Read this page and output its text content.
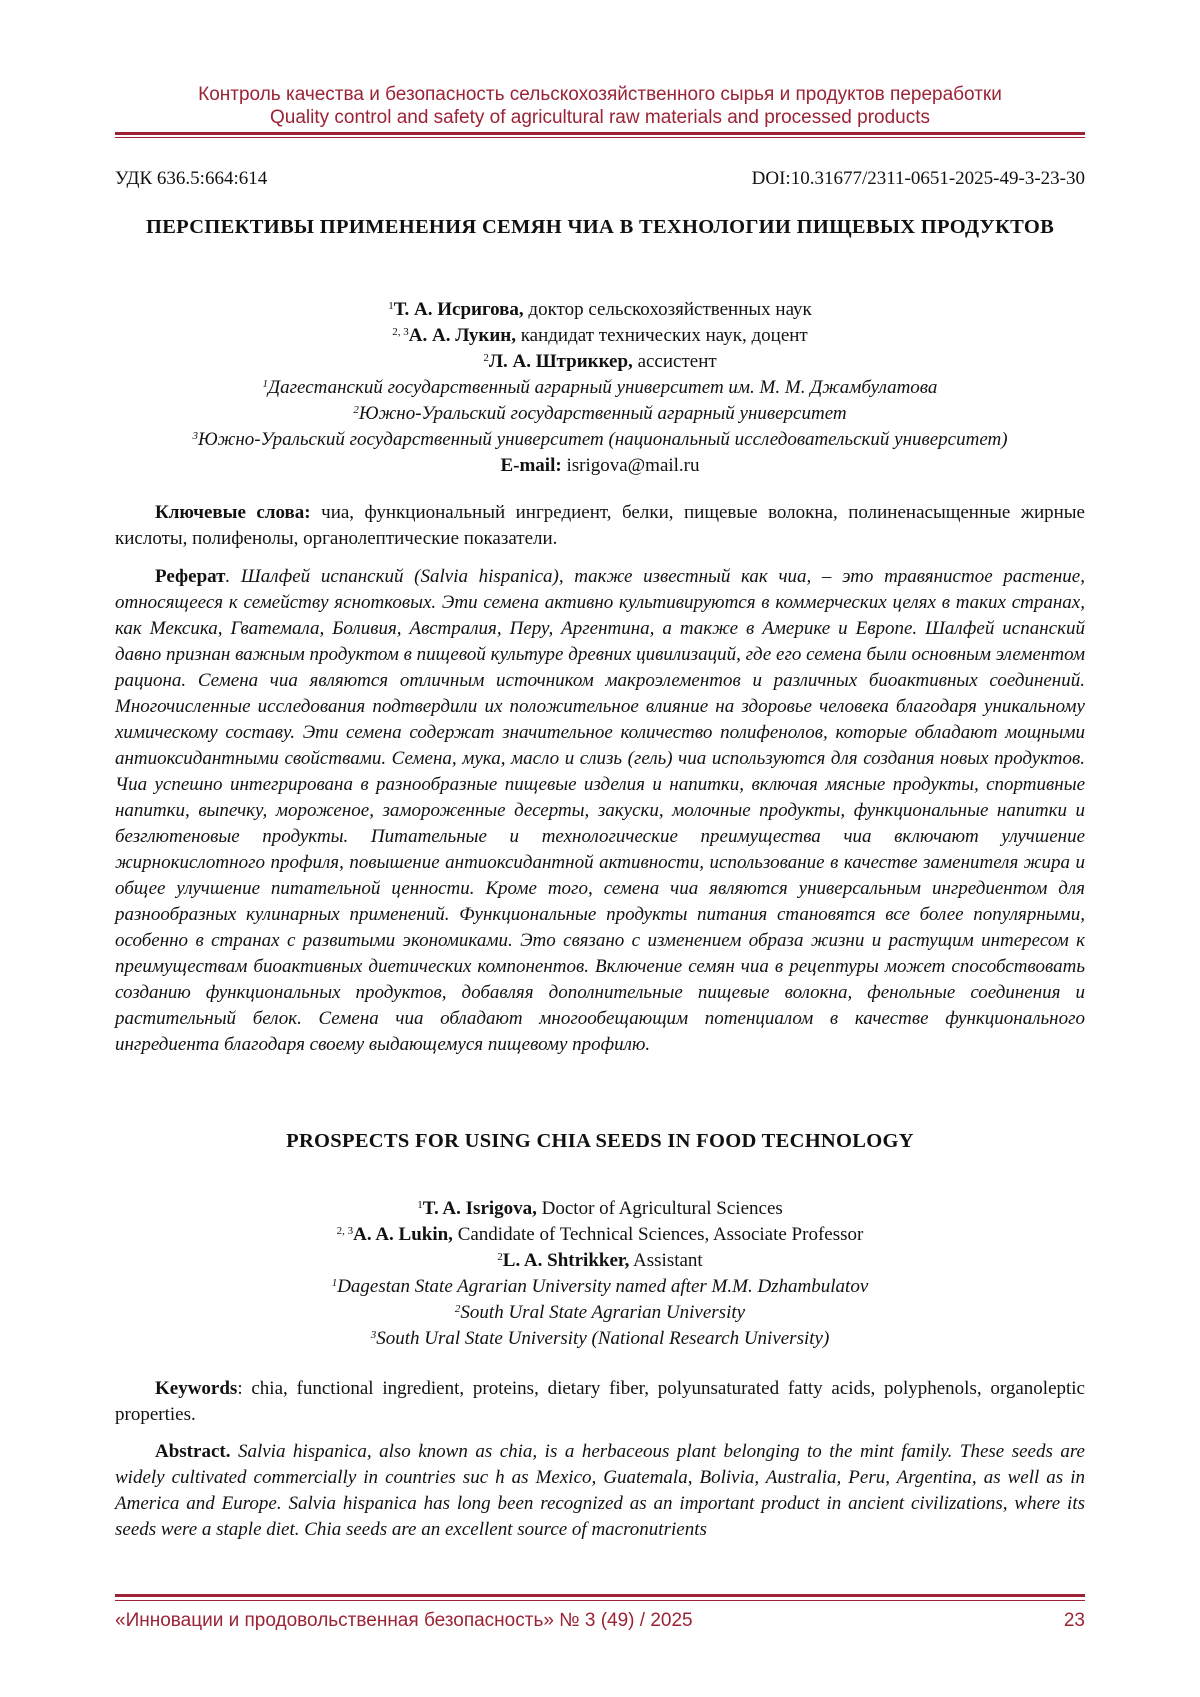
Контроль качества и безопасность сельскохозяйственного сырья и продуктов переработки
Quality control and safety of agricultural raw materials and processed products
УДК 636.5:664:614	DOI:10.31677/2311-0651-2025-49-3-23-30
ПЕРСПЕКТИВЫ ПРИМЕНЕНИЯ СЕМЯН ЧИА В ТЕХНОЛОГИИ ПИЩЕВЫХ ПРОДУКТОВ
$^1$Т. А. Исригова, доктор сельскохозяйственных наук
$^{2, 3}$А. А. Лукин, кандидат технических наук, доцент
$^2$Л. А. Штриккер, ассистент
$^1$Дагестанский государственный аграрный университет им. М. М. Джамбулатова
$^2$Южно-Уральский государственный аграрный университет
$^3$Южно-Уральский государственный университет (национальный исследовательский университет)
E-mail: isrigova@mail.ru
Ключевые слова: чиа, функциональный ингредиент, белки, пищевые волокна, полиненасыщенные жирные кислоты, полифенолы, органолептические показатели.
Реферат. Шалфей испанский (Salvia hispanica), также известный как чиа, – это травянистое растение, относящееся к семейству яснотковых. Эти семена активно культивируются в коммерческих целях в таких странах, как Мексика, Гватемала, Боливия, Австралия, Перу, Аргентина, а также в Америке и Европе. Шалфей испанский давно признан важным продуктом в пищевой культуре древних цивилизаций, где его семена были основным элементом рациона. Семена чиа являются отличным источником макроэлементов и различных биоактивных соединений. Многочисленные исследования подтвердили их положительное влияние на здоровье человека благодаря уникальному химическому составу. Эти семена содержат значительное количество полифенолов, которые обладают мощными антиоксидантными свойствами. Семена, мука, масло и слизь (гель) чиа используются для создания новых продуктов. Чиа успешно интегрирована в разнообразные пищевые изделия и напитки, включая мясные продукты, спортивные напитки, выпечку, мороженое, замороженные десерты, закуски, молочные продукты, функциональные напитки и безглютеновые продукты. Питательные и технологические преимущества чиа включают улучшение жирнокислотного профиля, повышение антиоксидантной активности, использование в качестве заменителя жира и общее улучшение питательной ценности. Кроме того, семена чиа являются универсальным ингредиентом для разнообразных кулинарных применений. Функциональные продукты питания становятся все более популярными, особенно в странах с развитыми экономиками. Это связано с изменением образа жизни и растущим интересом к преимуществам биоактивных диетических компонентов. Включение семян чиа в рецептуры может способствовать созданию функциональных продуктов, добавляя дополнительные пищевые волокна, фенольные соединения и растительный белок. Семена чиа обладают многообещающим потенциалом в качестве функционального ингредиента благодаря своему выдающемуся пищевому профилю.
PROSPECTS FOR USING CHIA SEEDS IN FOOD TECHNOLOGY
$^1$T. A. Isrigova, Doctor of Agricultural Sciences
$^{2, 3}$A. A. Lukin, Candidate of Technical Sciences, Associate Professor
$^2$L. A. Shtrikker, Assistant
$^1$Dagestan State Agrarian University named after M.M. Dzhambulatov
$^2$South Ural State Agrarian University
$^3$South Ural State University (National Research University)
Keywords: chia, functional ingredient, proteins, dietary fiber, polyunsaturated fatty acids, polyphenols, organoleptic properties.
Abstract. Salvia hispanica, also known as chia, is a herbaceous plant belonging to the mint family. These seeds are widely cultivated commercially in countries suc h as Mexico, Guatemala, Bolivia, Australia, Peru, Argentina, as well as in America and Europe. Salvia hispanica has long been recognized as an important product in ancient civilizations, where its seeds were a staple diet. Chia seeds are an excellent source of macronutrients
«Инновации и продовольственная безопасность» № 3 (49) / 2025	23
